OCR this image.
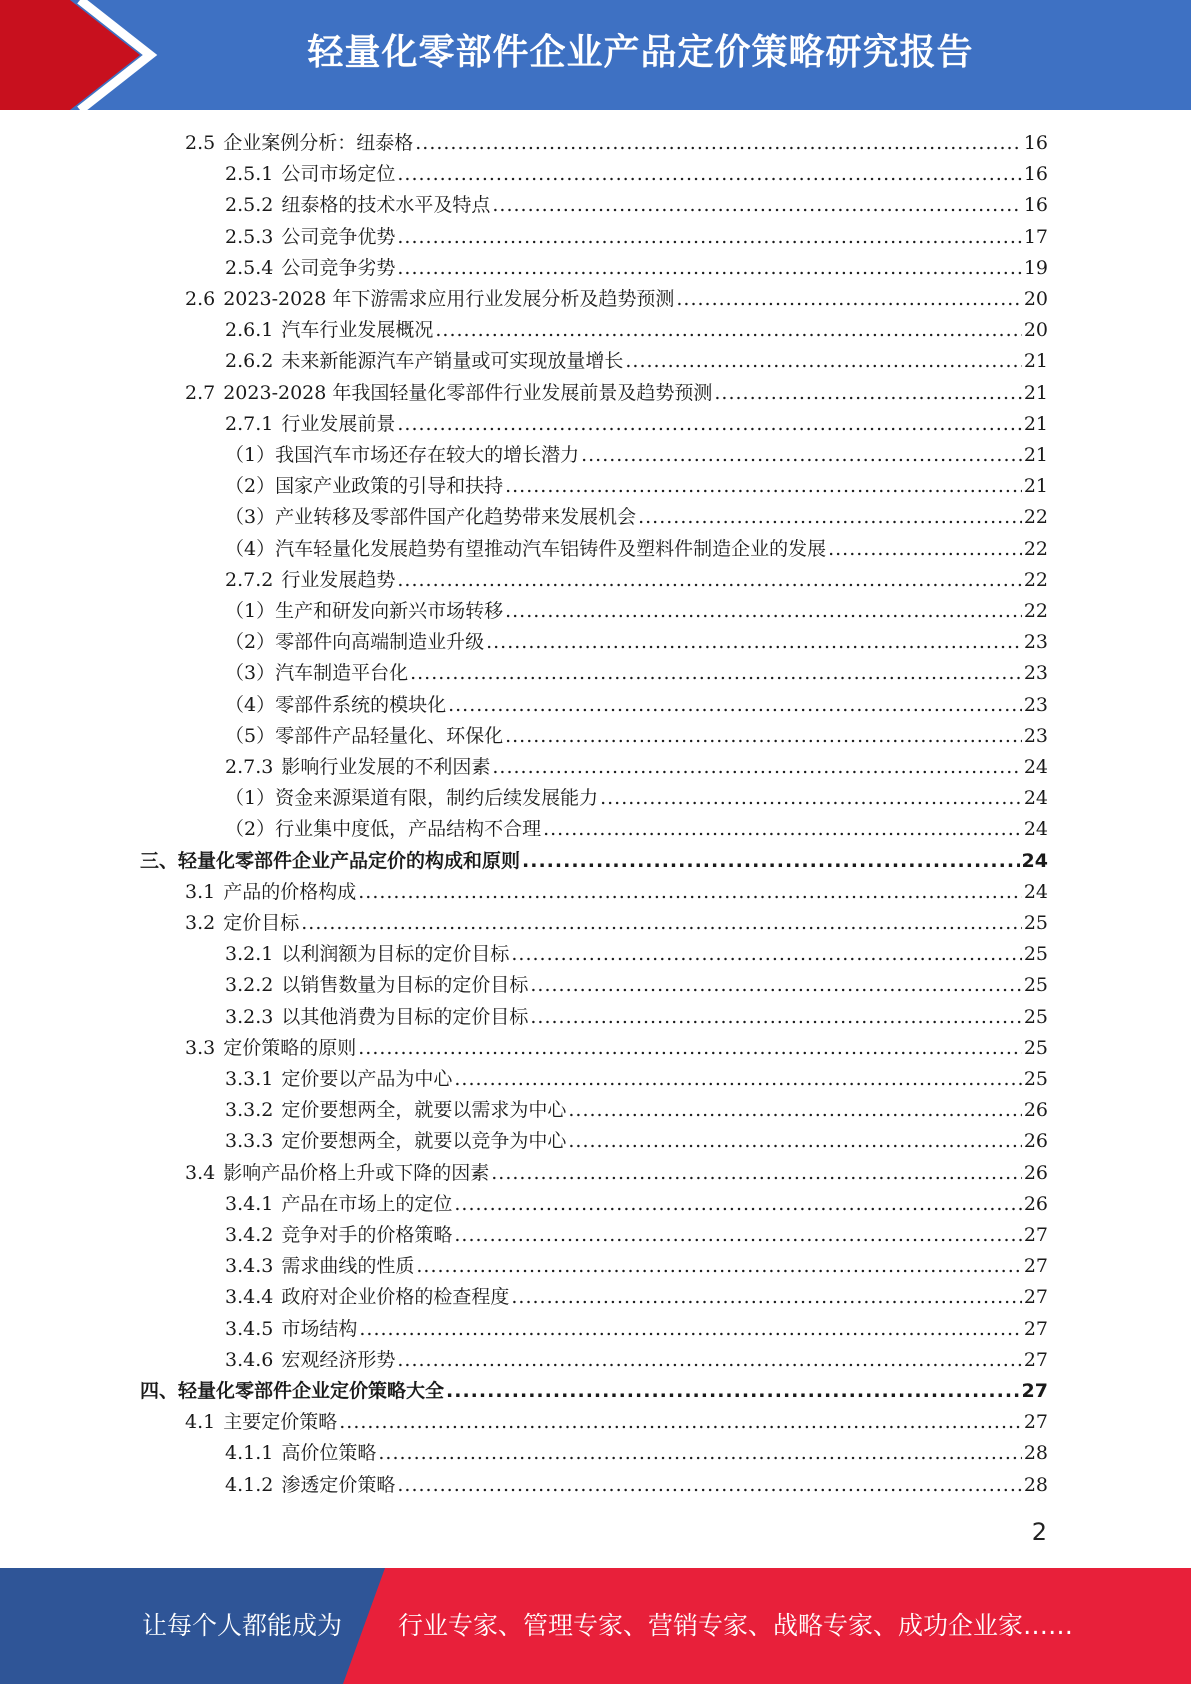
轻量化零部件企业产品定价策略研究报告
2.5 企业案例分析：纽泰格 .....	16
2.5.1 公司市场定位 .....	16
2.5.2 纽泰格的技术水平及特点 .....	16
2.5.3 公司竞争优势 .....	17
2.5.4 公司竞争劣势 .....	19
2.6 2023-2028 年下游需求应用行业发展分析及趋势预测 .....	20
2.6.1 汽车行业发展概况 .....	20
2.6.2 未来新能源汽车产销量或可实现放量增长 .....	21
2.7 2023-2028 年我国轻量化零部件行业发展前景及趋势预测 .....	21
2.7.1 行业发展前景 .....	21
（1）我国汽车市场还存在较大的增长潜力 .....	21
（2）国家产业政策的引导和扶持 .....	21
（3）产业转移及零部件国产化趋势带来发展机会 .....	22
（4）汽车轻量化发展趋势有望推动汽车铝铸件及塑料件制造企业的发展 .....	22
2.7.2 行业发展趋势 .....	22
（1）生产和研发向新兴市场转移 .....	22
（2）零部件向高端制造业升级 .....	23
（3）汽车制造平台化 .....	23
（4）零部件系统的模块化 .....	23
（5）零部件产品轻量化、环保化 .....	23
2.7.3 影响行业发展的不利因素 .....	24
（1）资金来源渠道有限，制约后续发展能力 .....	24
（2）行业集中度低，产品结构不合理 .....	24
三、轻量化零部件企业产品定价的构成和原则 .....	24
3.1 产品的价格构成 .....	24
3.2 定价目标 .....	25
3.2.1 以利润额为目标的定价目标 .....	25
3.2.2 以销售数量为目标的定价目标 .....	25
3.2.3 以其他消费为目标的定价目标 .....	25
3.3 定价策略的原则 .....	25
3.3.1 定价要以产品为中心 .....	25
3.3.2 定价要想两全，就要以需求为中心 .....	26
3.3.3 定价要想两全，就要以竞争为中心 .....	26
3.4 影响产品价格上升或下降的因素 .....	26
3.4.1 产品在市场上的定位 .....	26
3.4.2 竞争对手的价格策略 .....	27
3.4.3 需求曲线的性质 .....	27
3.4.4 政府对企业价格的检查程度 .....	27
3.4.5 市场结构 .....	27
3.4.6 宏观经济形势 .....	27
四、轻量化零部件企业定价策略大全 .....	27
4.1 主要定价策略 .....	27
4.1.1 高价位策略 .....	28
4.1.2 渗透定价策略 .....	28
2
让每个人都能成为 行业专家、管理专家、营销专家、战略专家、成功企业家……
